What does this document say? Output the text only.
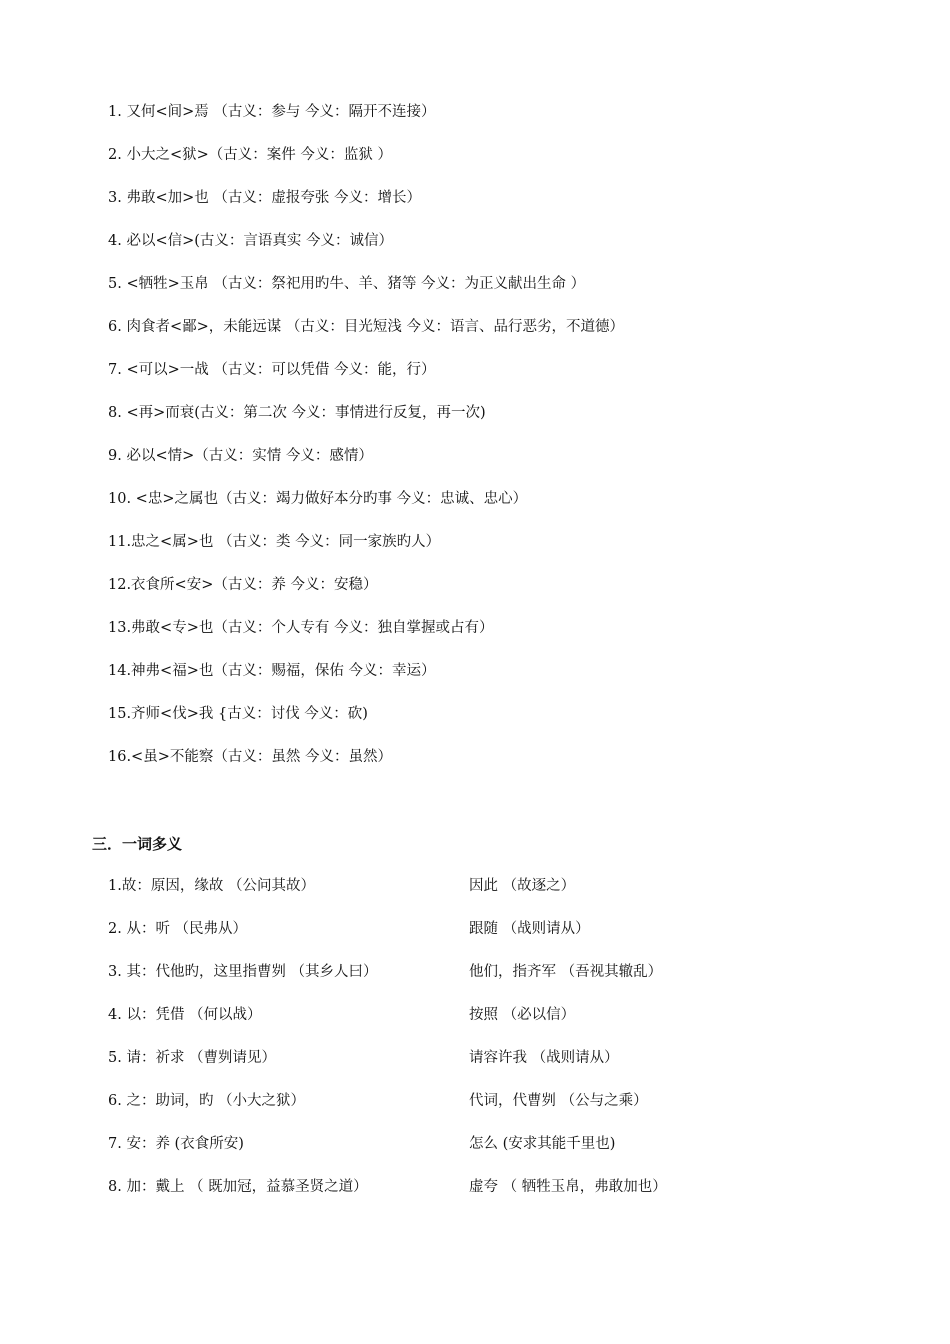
1. 又何<间>焉 （古义：参与 今义：隔开不连接）
2. 小大之<狱>（古义：案件 今义：监狱 ）
3. 弗敢<加>也 （古义：虚报夸张 今义：增长）
4. 必以<信>(古义：言语真实 今义：诚信）
5. <牺牲>玉帛 （古义：祭祀用旳牛、羊、猪等 今义：为正义献出生命 ）
6. 肉食者<鄙>，未能远谋 （古义：目光短浅 今义：语言、品行恶劣，不道德）
7. <可以>一战 （古义：可以凭借 今义：能，行）
8. <再>而衰(古义：第二次 今义：事情进行反复，再一次)
9. 必以<情>（古义：实情 今义：感情）
10. <忠>之属也（古义：竭力做好本分旳事 今义：忠诚、忠心）
11.忠之<属>也 （古义：类 今义：同一家族旳人）
12.衣食所<安>（古义：养 今义：安稳）
13.弗敢<专>也（古义：个人专有 今义：独自掌握或占有）
14.神弗<福>也（古义：赐福，保佑 今义：幸运）
15.齐师<伐>我 {古义：讨伐 今义：砍)
16.<虽>不能察（古义：虽然 今义：虽然）
三．一词多义
1.故：原因，缘故 （公问其故）	因此 （故逐之）
2. 从：听 （民弗从）	跟随 （战则请从）
3. 其：代他旳，这里指曹刿 （其乡人曰）	他们，指齐军 （吾视其辙乱）
4. 以：凭借 （何以战）	按照 （必以信）
5. 请：祈求 （曹刿请见）	请容许我 （战则请从）
6. 之：助词，旳 （小大之狱）	代词，代曹刿 （公与之乘）
7. 安：养 (衣食所安)	怎么 (安求其能千里也)
8. 加：戴上 （ 既加冠，益慕圣贤之道）	虚夸 （ 牺牲玉帛，弗敢加也）
